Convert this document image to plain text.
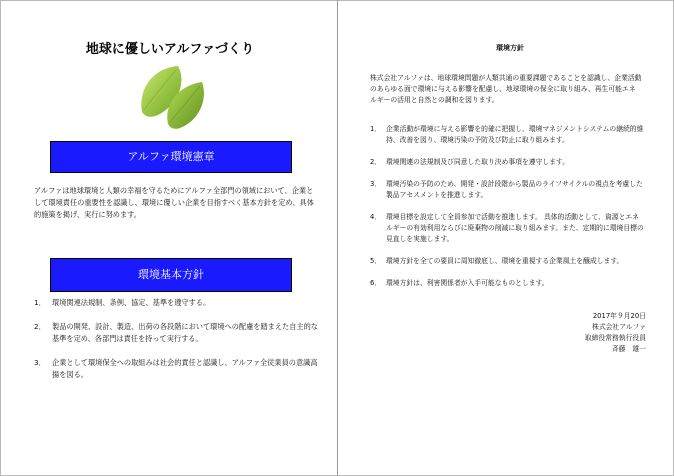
地球に優しいアルファづくり
アルファ環境憲章
アルファは地球環境と人類の幸福を守るためにアルファ全部門の領域において、企業として環境責任の重要性を認識し、環境に優しい企業を目指すべく基本方針を定め、具体的施策を掲げ、実行に努めます。
環境基本方針
1． 環境関連法規制、条例、協定、基準を遵守する。
2． 製品の開発、設計、製造、出荷の各段階において環境への配慮を踏まえた自主的な基準を定め、各部門は責任を持って実行する。
3． 企業として環境保全への取組みは社会的責任と認識し、アルファ全従業員の意識高揚を図る。
環境方針
株式会社アルファは、地球環境問題が人類共通の重要課題であることを認識し、企業活動のあらゆる面で環境に与える影響を配慮し、地球環境の保全に取り組み、再生可能エネルギーの活用と自然との調和を図ります。
1． 企業活動が環境に与える影響を的確に把握し、環境マネジメントシステムの継続的維持、改善を図り、環境汚染の予防及び防止に取り組みます。
2． 環境関連の法規制及び同意した取り決め事項を遵守します。
3． 環境汚染の予防のため、開発・設計段階から製品のライフサイクルの視点を考慮した製品アセスメントを推進します。
4． 環境目標を設定して全員参加で活動を推進します。 具体的活動として、資源とエネルギーの有効利用ならびに廃棄物の削減に取り組みます。また、定期的に環境目標の見直しを実施します。
5． 環境方針を全ての要員に周知徹底し、環境を重視する企業風土を醸成します。
6． 環境方針は、利害関係者が入手可能なものとします。
2017年９月20日
株式会社アルファ
取締役常務執行役員
斉藤　雄一
